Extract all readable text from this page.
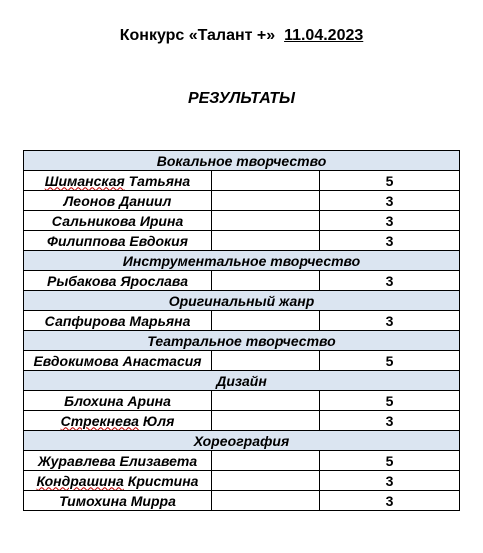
Конкурс «Талант +» 11.04.2023
РЕЗУЛЬТАТЫ
Вокальное творчество		
Шиманская Татьяна		5
Леонов Даниил		3
Сальникова Ирина		3
Филиппова Евдокия		3
Инструментальное творчество		
Рыбакова Ярослава		3
Оригинальный жанр		
Сапфирова Марьяна		3
Театральное творчество		
Евдокимова Анастасия		5
Дизайн		
Блохина Арина		5
Стрекнева Юля		3
Хореография		
Журавлева Елизавета		5
Кондрашина Кристина		3
Тимохина Мирра		3
